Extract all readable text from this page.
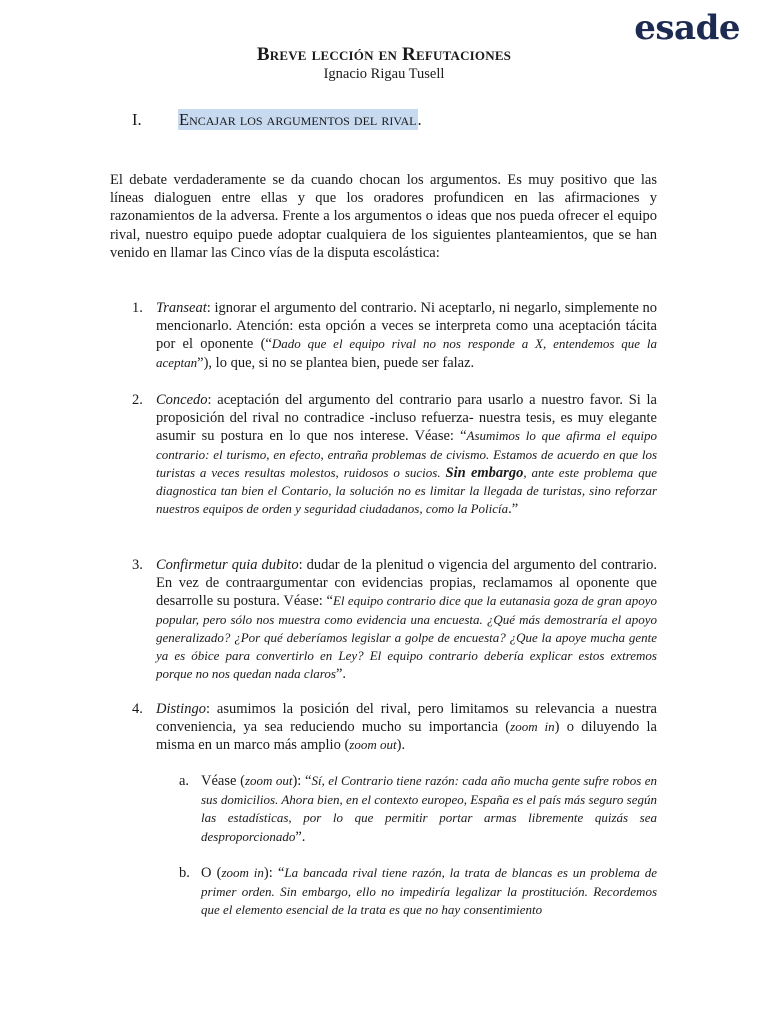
esade
Breve lección en Refutaciones
Ignacio Rigau Tusell
I. Encajar los argumentos del rival.

El debate verdaderamente se da cuando chocan los argumentos. Es muy positivo que las líneas dialoguen entre ellas y que los oradores profundicen en las afirmaciones y razonamientos de la adversa. Frente a los argumentos o ideas que nos pueda ofrecer el equipo rival, nuestro equipo puede adoptar cualquiera de los siguientes planteamientos, que se han venido en llamar las Cinco vías de la disputa escolástica:

1. Transeat: ignorar el argumento del contrario. Ni aceptarlo, ni negarlo, simplemente no mencionarlo. Atención: esta opción a veces se interpreta como una aceptación tácita por el oponente (“Dado que el equipo rival no nos responde a X, entendemos que la aceptan”), lo que, si no se plantea bien, puede ser falaz.

2. Concedo: aceptación del argumento del contrario para usarlo a nuestro favor. Si la proposición del rival no contradice -incluso refuerza- nuestra tesis, es muy elegante asumir su postura en lo que nos interese. Véase: “Asumimos lo que afirma el equipo contrario: el turismo, en efecto, entraña problemas de civismo. Estamos de acuerdo en que los turistas a veces resultas molestos, ruidosos o sucios. Sin embargo, ante este problema que diagnostica tan bien el Contario, la solución no es limitar la llegada de turistas, sino reforzar nuestros equipos de orden y seguridad ciudadanos, como la Policía.”

3. Confirmetur quia dubito: dudar de la plenitud o vigencia del argumento del contrario. En vez de contraargumentar con evidencias propias, reclamamos al oponente que desarrolle su postura. Véase: “El equipo contrario dice que la eutanasia goza de gran apoyo popular, pero sólo nos muestra como evidencia una encuesta. ¿Qué más demostraría el apoyo generalizado? ¿Por qué deberíamos legislar a golpe de encuesta? ¿Que la apoye mucha gente ya es óbice para convertirlo en Ley? El equipo contrario debería explicar estos extremos porque no nos quedan nada claros”.

4. Distingo: asumimos la posición del rival, pero limitamos su relevancia a nuestra conveniencia, ya sea reduciendo mucho su importancia (zoom in) o diluyendo la misma en un marco más amplio (zoom out).

a. Véase (zoom out): “Sí, el Contrario tiene razón: cada año mucha gente sufre robos en sus domicilios. Ahora bien, en el contexto europeo, España es el país más seguro según las estadísticas, por lo que permitir portar armas libremente quizás sea desproporcionado”.

b. O (zoom in): “La bancada rival tiene razón, la trata de blancas es un problema de primer orden. Sin embargo, ello no impediría legalizar la prostitución. Recordemos que el elemento esencial de la trata es que no hay consentimiento
